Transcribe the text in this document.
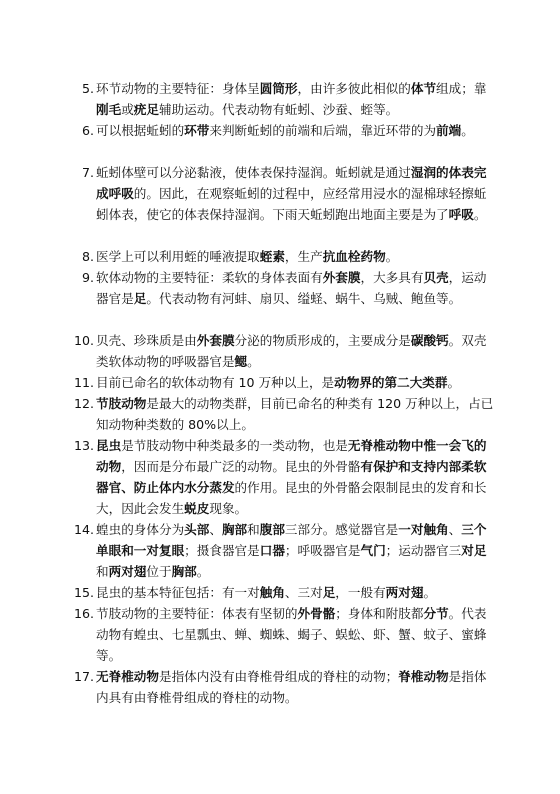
5. 环节动物的主要特征：身体呈圆筒形，由许多彼此相似的体节组成；靠刚毛或疣足辅助运动。代表动物有蚯蚓、沙蚕、蛭等。
6. 可以根据蚯蚓的环带来判断蚯蚓的前端和后端，靠近环带的为前端。
7. 蚯蚓体壁可以分泌黏液，使体表保持湿润。蚯蚓就是通过湿润的体表完成呼吸的。因此，在观察蚯蚓的过程中，应经常用浸水的湿棉球轻擦蚯蚓体表，使它的体表保持湿润。下雨天蚯蚓跑出地面主要是为了呼吸。
8. 医学上可以利用蛭的唾液提取蛭素，生产抗血栓药物。
9. 软体动物的主要特征：柔软的身体表面有外套膜，大多具有贝壳，运动器官是足。代表动物有河蚌、扇贝、缢蛏、蜗牛、乌贼、鲍鱼等。
10. 贝壳、珍珠质是由外套膜分泌的物质形成的，主要成分是碳酸钙。双壳类软体动物的呼吸器官是鳃。
11. 目前已命名的软体动物有 10 万种以上，是动物界的第二大类群。
12. 节肢动物是最大的动物类群，目前已命名的种类有 120 万种以上，占已知动物种类数的 80%以上。
13. 昆虫是节肢动物中种类最多的一类动物，也是无脊椎动物中惟一会飞的动物，因而是分布最广泛的动物。昆虫的外骨骼有保护和支持内部柔软器官、防止体内水分蒸发的作用。昆虫的外骨骼会限制昆虫的发育和长大，因此会发生蜕皮现象。
14. 蝗虫的身体分为头部、胸部和腹部三部分。感觉器官是一对触角、三个单眼和一对复眼；摄食器官是口器；呼吸器官是气门；运动器官三对足和两对翅位于胸部。
15. 昆虫的基本特征包括：有一对触角、三对足，一般有两对翅。
16. 节肢动物的主要特征：体表有坚韧的外骨骼；身体和附肢都分节。代表动物有蝗虫、七星瓢虫、蝉、蜘蛛、蝎子、蜈蚣、虾、蟹、蚊子、蜜蜂等。
17. 无脊椎动物是指体内没有由脊椎骨组成的脊柱的动物；脊椎动物是指体内具有由脊椎骨组成的脊柱的动物。
